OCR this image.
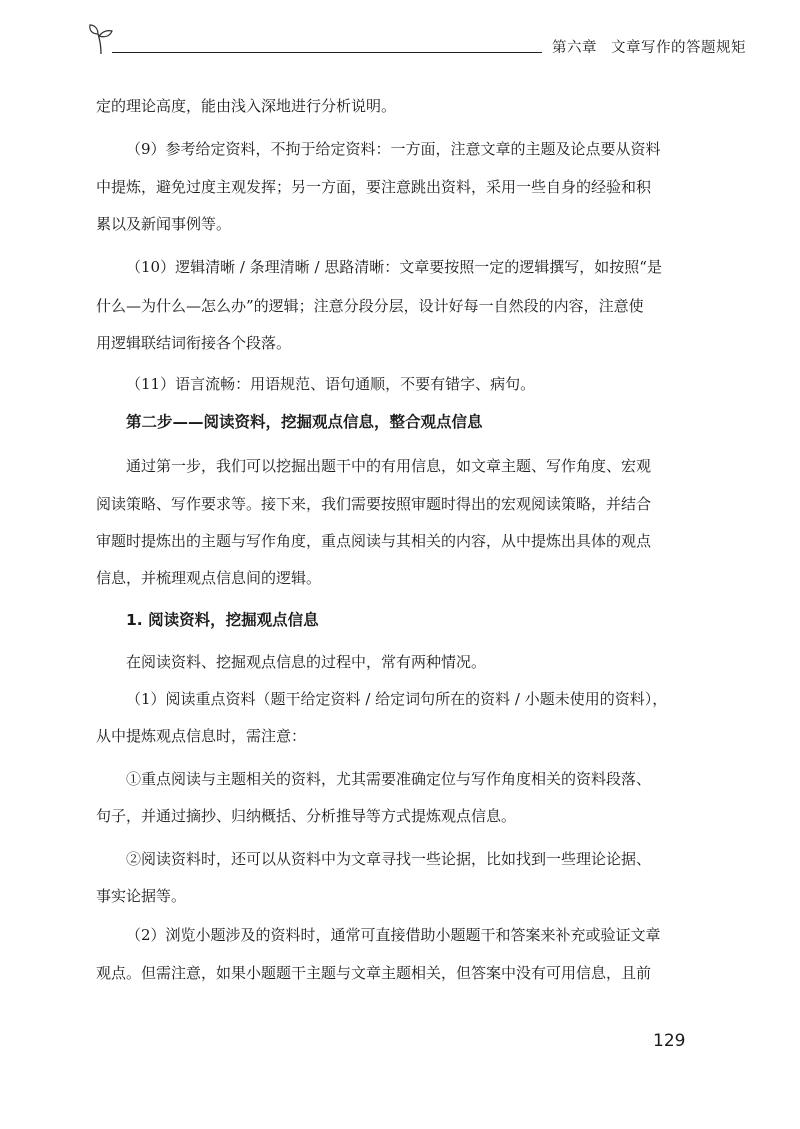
第六章 文章写作的答题规矩
定的理论高度，能由浅入深地进行分析说明。
（9）参考给定资料，不拘于给定资料：一方面，注意文章的主题及论点要从资料
中提炼，避免过度主观发挥；另一方面，要注意跳出资料，采用一些自身的经验和积
累以及新闻事例等。
（10）逻辑清晰 / 条理清晰 / 思路清晰：文章要按照一定的逻辑撰写，如按照“是
什么—为什么—怎么办”的逻辑；注意分段分层，设计好每一自然段的内容，注意使
用逻辑联结词衔接各个段落。
（11）语言流畅：用语规范、语句通顺，不要有错字、病句。
第二步——阅读资料，挖掘观点信息，整合观点信息
通过第一步，我们可以挖掘出题干中的有用信息，如文章主题、写作角度、宏观
阅读策略、写作要求等。接下来，我们需要按照审题时得出的宏观阅读策略，并结合
审题时提炼出的主题与写作角度，重点阅读与其相关的内容，从中提炼出具体的观点
信息，并梳理观点信息间的逻辑。
1. 阅读资料，挖掘观点信息
在阅读资料、挖掘观点信息的过程中，常有两种情况。
（1）阅读重点资料（题干给定资料 / 给定词句所在的资料 / 小题未使用的资料），
从中提炼观点信息时，需注意：
①重点阅读与主题相关的资料，尤其需要准确定位与写作角度相关的资料段落、
句子，并通过摘抄、归纳概括、分析推导等方式提炼观点信息。
②阅读资料时，还可以从资料中为文章寻找一些论据，比如找到一些理论论据、
事实论据等。
（2）浏览小题涉及的资料时，通常可直接借助小题题干和答案来补充或验证文章
观点。但需注意，如果小题题干主题与文章主题相关，但答案中没有可用信息，且前
129
